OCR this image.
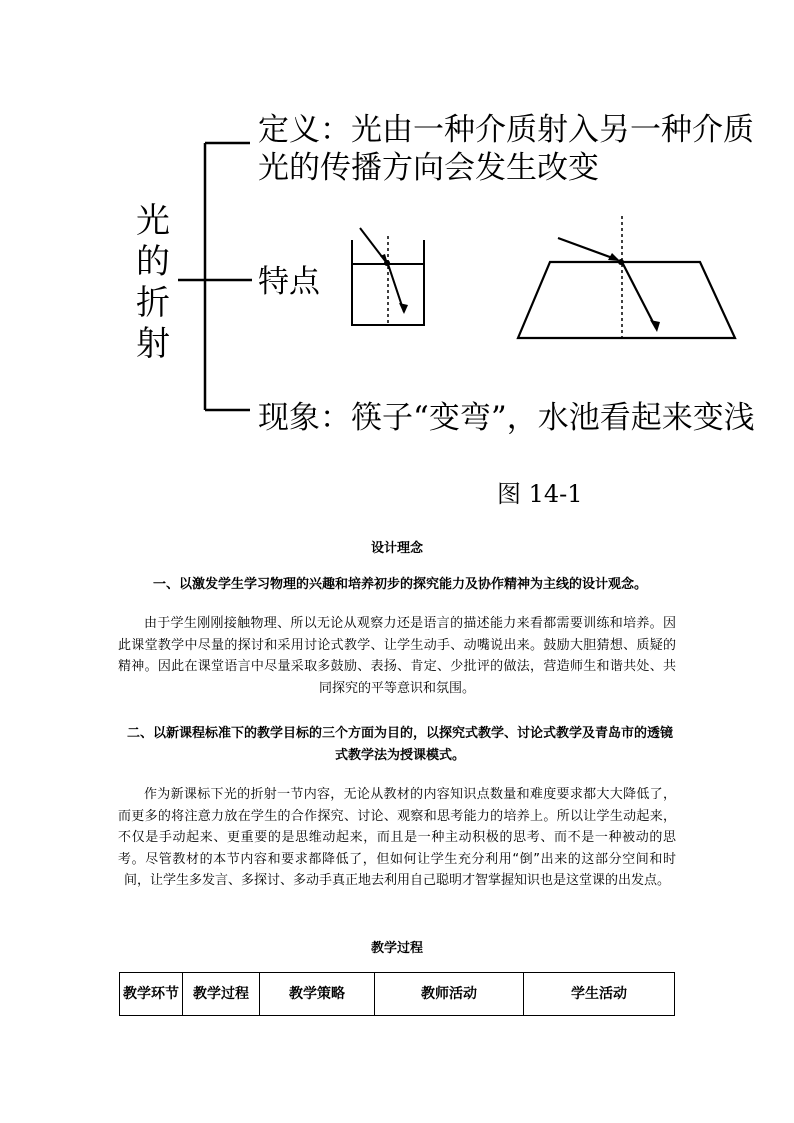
光
的
折
射
定义：光由一种介质射入另一种介质
光的传播方向会发生改变
特点
现象：筷子“变弯”，水池看起来变浅
图 14-1
设计理念
一、以激发学生学习物理的兴趣和培养初步的探究能力及协作精神为主线的设计观念。

由于学生刚刚接触物理、所以无论从观察力还是语言的描述能力来看都需要训练和培养。因此课堂教学中尽量的探讨和采用讨论式教学、让学生动手、动嘴说出来。鼓励大胆猜想、质疑的精神。因此在课堂语言中尽量采取多鼓励、表扬、肯定、少批评的做法，营造师生和谐共处、共同探究的平等意识和氛围。

二、以新课程标准下的教学目标的三个方面为目的，以探究式教学、讨论式教学及青岛市的透镜式教学法为授课模式。

作为新课标下光的折射一节内容，无论从教材的内容知识点数量和难度要求都大大降低了，而更多的将注意力放在学生的合作探究、讨论、观察和思考能力的培养上。所以让学生动起来，不仅是手动起来、更重要的是思维动起来，而且是一种主动积极的思考、而不是一种被动的思考。尽管教材的本节内容和要求都降低了，但如何让学生充分利用“倒”出来的这部分空间和时间，让学生多发言、多探讨、多动手真正地去利用自己聪明才智掌握知识也是这堂课的出发点。

教学过程
教学环节	教学过程	教学策略	教师活动	学生活动
